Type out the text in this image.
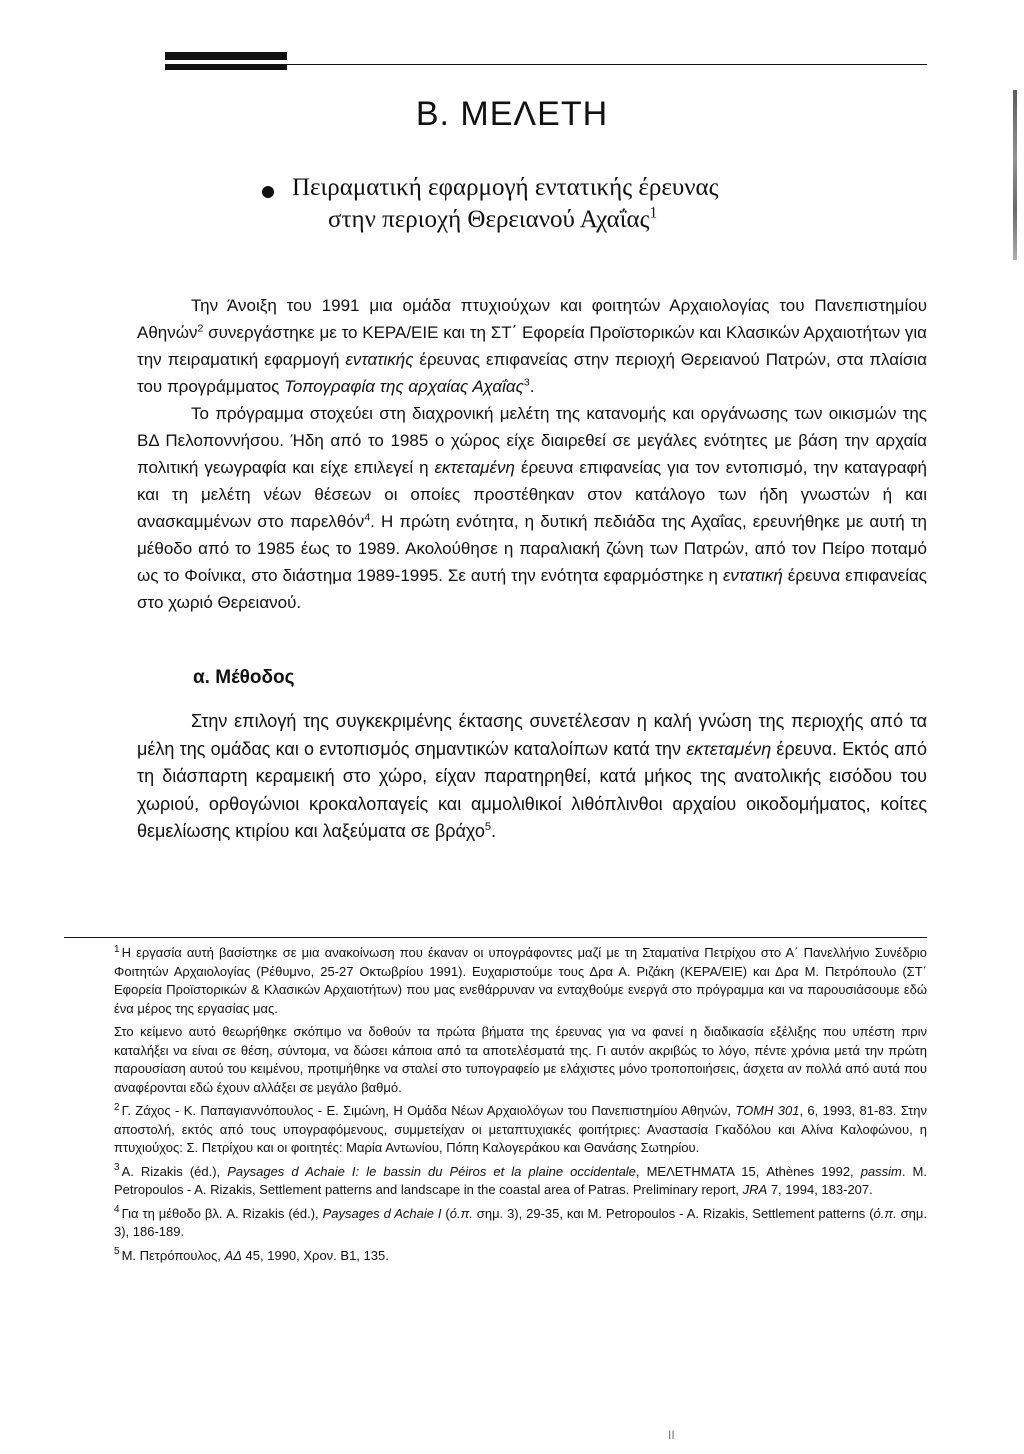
Β. ΜΕΛΕΤΗ
Πειραματική εφαρμογή εντατικής έρευνας
στην περιοχή Θερειανού Αχαΐας$^1$

Την Άνοιξη του 1991 μια ομάδα πτυχιούχων και φοιτητών Αρχαιολογίας του Πανεπιστημίου Αθηνών$^2$ συνεργάστηκε με το ΚΕΡΑ/ΕΙΕ και τη ΣΤ΄ Εφορεία Προϊστορικών και Κλασικών Αρχαιοτήτων για την πειραματική εφαρμογή εντατικής έρευνας επιφανείας στην περιοχή Θερειανού Πατρών, στα πλαίσια του προγράμματος Τοπογραφία της αρχαίας Αχαΐας$^3$.

Το πρόγραμμα στοχεύει στη διαχρονική μελέτη της κατανομής και οργάνωσης των οικισμών της ΒΔ Πελοποννήσου. Ήδη από το 1985 ο χώρος είχε διαιρεθεί σε μεγάλες ενότητες με βάση την αρχαία πολιτική γεωγραφία και είχε επιλεγεί η εκτεταμένη έρευνα επιφανείας για τον εντοπισμό, την καταγραφή και τη μελέτη νέων θέσεων οι οποίες προστέθηκαν στον κατάλογο των ήδη γνωστών ή και ανασκαμμένων στο παρελθόν$^4$. Η πρώτη ενότητα, η δυτική πεδιάδα της Αχαΐας, ερευνήθηκε με αυτή τη μέθοδο από το 1985 έως το 1989. Ακολούθησε η παραλιακή ζώνη των Πατρών, από τον Πείρο ποταμό ως το Φοίνικα, στο διάστημα 1989-1995. Σε αυτή την ενότητα εφαρμόστηκε η εντατική έρευνα επιφανείας στο χωριό Θερειανού.

α. Μέθοδος

Στην επιλογή της συγκεκριμένης έκτασης συνετέλεσαν η καλή γνώση της περιοχής από τα μέλη της ομάδας και ο εντοπισμός σημαντικών καταλοίπων κατά την εκτεταμένη έρευνα. Εκτός από τη διάσπαρτη κεραμεική στο χώρο, είχαν παρατηρηθεί, κατά μήκος της ανατολικής εισόδου του χωριού, ορθογώνιοι κροκαλοπαγείς και αμμολιθικοί λιθόπλινθοι αρχαίου οικοδομήματος, κοίτες θεμελίωσης κτιρίου και λαξεύματα σε βράχο$^5$.

$^1$ Η εργασία αυτή βασίστηκε σε μια ανακοίνωση που έκαναν οι υπογράφοντες μαζί με τη Σταματίνα Πετρίχου στο Α΄ Πανελλήνιο Συνέδριο Φοιτητών Αρχαιολογίας (Ρέθυμνο, 25-27 Οκτωβρίου 1991). Ευχαριστούμε τους Δρα Α. Ριζάκη (ΚΕΡΑ/ΕΙΕ) και Δρα Μ. Πετρόπουλο (ΣΤ΄ Εφορεία Προϊστορικών & Κλασικών Αρχαιοτήτων) που μας ενεθάρρυναν να ενταχθούμε ενεργά στο πρόγραμμα και να παρουσιάσουμε εδώ ένα μέρος της εργασίας μας.

Στο κείμενο αυτό θεωρήθηκε σκόπιμο να δοθούν τα πρώτα βήματα της έρευνας για να φανεί η διαδικασία εξέλιξης που υπέστη πριν καταλήξει να είναι σε θέση, σύντομα, να δώσει κάποια από τα αποτελέσματά της. Γι αυτόν ακριβώς το λόγο, πέντε χρόνια μετά την πρώτη παρουσίαση αυτού του κειμένου, προτιμήθηκε να σταλεί στο τυπογραφείο με ελάχιστες μόνο τροποποιήσεις, άσχετα αν πολλά από αυτά που αναφέρονται εδώ έχουν αλλάξει σε μεγάλο βαθμό.

$^2$ Γ. Ζάχος - Κ. Παπαγιαννόπουλος - Ε. Σιμώνη, Η Ομάδα Νέων Αρχαιολόγων του Πανεπιστημίου Αθηνών, ΤΟΜΗ 301, 6, 1993, 81-83. Στην αποστολή, εκτός από τους υπογραφόμενους, συμμετείχαν οι μεταπτυχιακές φοιτήτριες: Αναστασία Γκαδόλου και Αλίνα Καλοφώνου, η πτυχιούχος: Σ. Πετρίχου και οι φοιτητές: Μαρία Αντωνίου, Πόπη Καλογεράκου και Θανάσης Σωτηρίου.

$^3$ A. Rizakis (éd.), Paysages d Achaie I: le bassin du Péiros et la plaine occidentale, ΜΕΛΕΤΗΜΑΤΑ 15, Athènes 1992, passim. M. Petropoulos - A. Rizakis, Settlement patterns and landscape in the coastal area of Patras. Preliminary report, JRA 7, 1994, 183-207.

$^4$ Για τη μέθοδο βλ. A. Rizakis (éd.), Paysages d Achaie I (ό.π. σημ. 3), 29-35, και M. Petropoulos - A. Rizakis, Settlement patterns (ό.π. σημ. 3), 186-189.

$^5$ Μ. Πετρόπουλος, ΑΔ 45, 1990, Χρον. Β1, 135.

II
